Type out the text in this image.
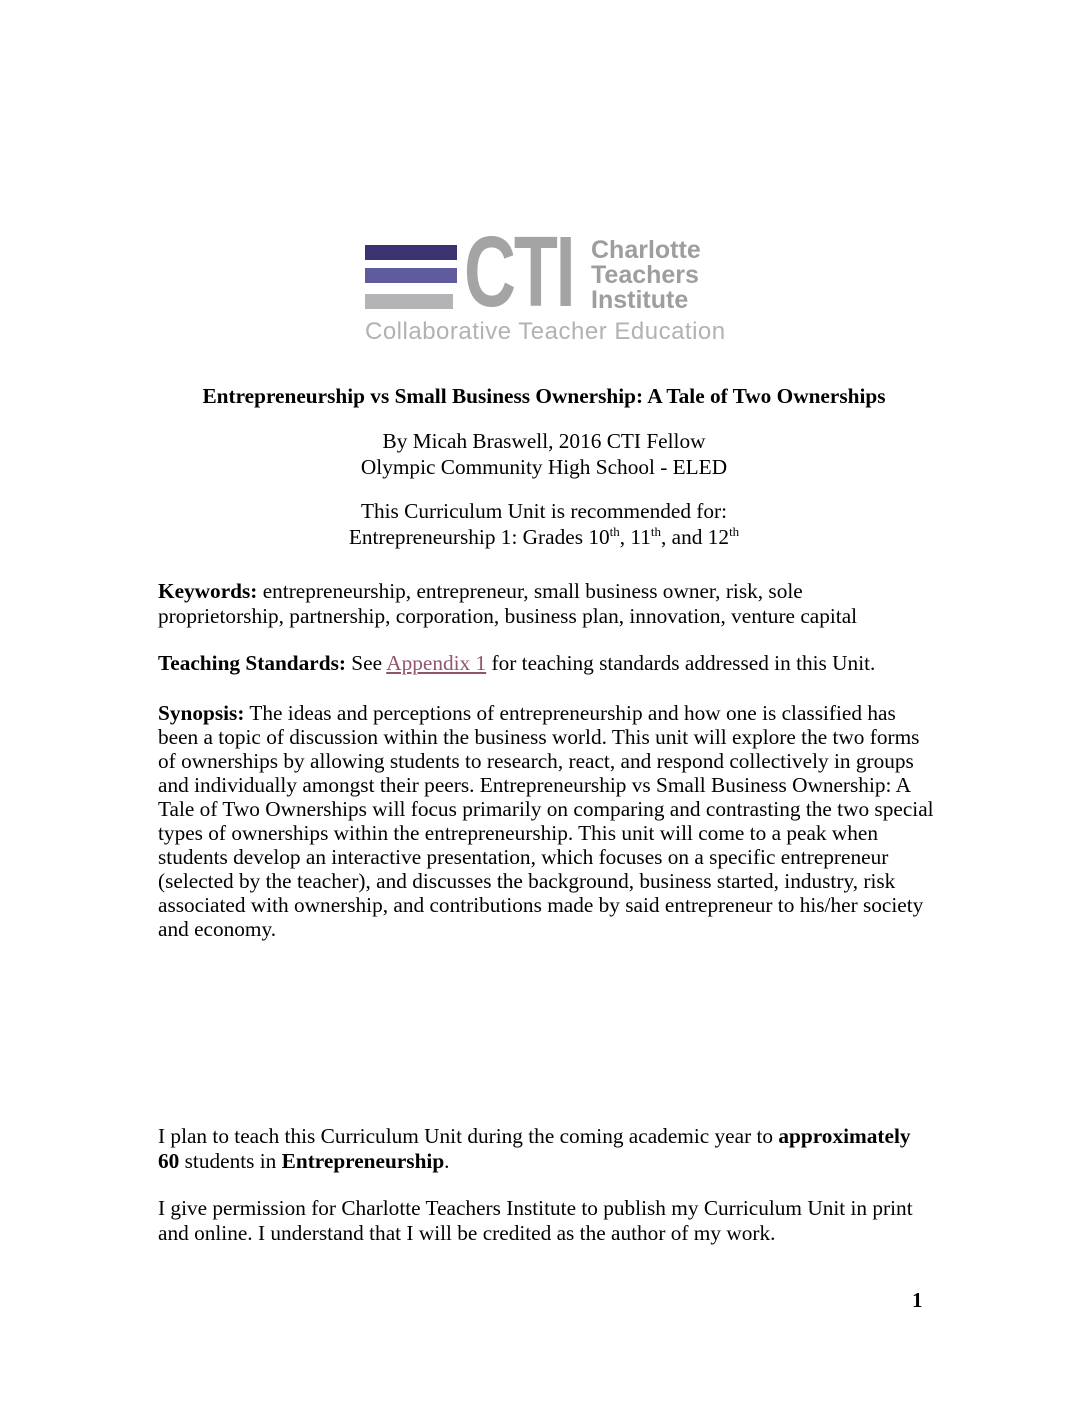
CTI Charlotte
Teachers
Institute
Collaborative Teacher Education
Entrepreneurship vs Small Business Ownership: A Tale of Two Ownerships
By Micah Braswell, 2016 CTI Fellow
Olympic Community High School - ELED
This Curriculum Unit is recommended for:
Entrepreneurship 1: Grades 10th, 11th, and 12th

Keywords: entrepreneurship, entrepreneur, small business owner, risk, sole proprietorship, partnership, corporation, business plan, innovation, venture capital

Teaching Standards: See Appendix 1 for teaching standards addressed in this Unit.

Synopsis: The ideas and perceptions of entrepreneurship and how one is classified has been a topic of discussion within the business world. This unit will explore the two forms of ownerships by allowing students to research, react, and respond collectively in groups and individually amongst their peers. Entrepreneurship vs Small Business Ownership: A Tale of Two Ownerships will focus primarily on comparing and contrasting the two special types of ownerships within the entrepreneurship. This unit will come to a peak when students develop an interactive presentation, which focuses on a specific entrepreneur (selected by the teacher), and discusses the background, business started, industry, risk associated with ownership, and contributions made by said entrepreneur to his/her society and economy.

I plan to teach this Curriculum Unit during the coming academic year to approximately 60 students in Entrepreneurship.

I give permission for Charlotte Teachers Institute to publish my Curriculum Unit in print and online. I understand that I will be credited as the author of my work.

1
